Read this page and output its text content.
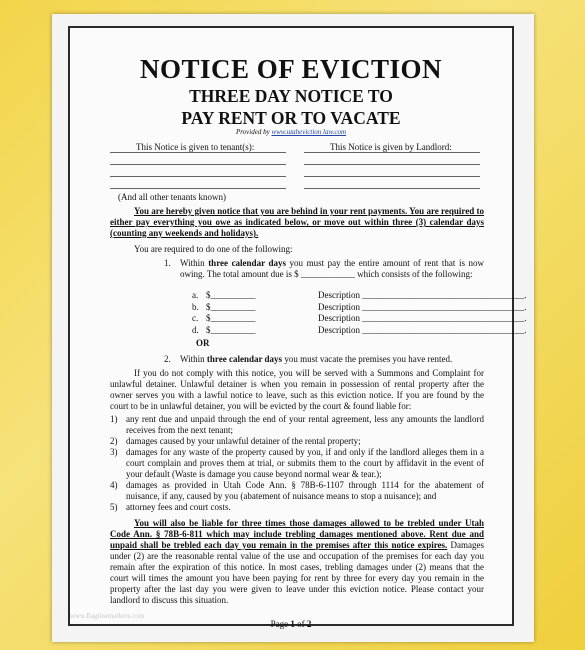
NOTICE OF EVICTION
THREE DAY NOTICE TO
PAY RENT OR TO VACATE
Provided by www.utaheviction law.com
This Notice is given to tenant(s):	This Notice is given by Landlord:
(And all other tenants known)
You are hereby given notice that you are behind in your rent payments. You are required to either pay everything you owe as indicated below, or move out within three (3) calendar days (counting any weekends and holidays).
You are required to do one of the following:
1. Within three calendar days you must pay the entire amount of rent that is now owing. The total amount due is $ ____________ which consists of the following:
a. $__________	Description ____________________________________.
b. $__________	Description ____________________________________.
c. $__________	Description ____________________________________.
d. $__________	Description ____________________________________.
OR
2. Within three calendar days you must vacate the premises you have rented.
If you do not comply with this notice, you will be served with a Summons and Complaint for unlawful detainer. Unlawful detainer is when you remain in possession of rental property after the owner serves you with a lawful notice to leave, such as this eviction notice. If you are found by the court to be in unlawful detainer, you will be evicted by the court & found liable for:
1) any rent due and unpaid through the end of your rental agreement, less any amounts the landlord receives from the next tenant;
2) damages caused by your unlawful detainer of the rental property;
3) damages for any waste of the property caused by you, if and only if the landlord alleges them in a court complain and proves them at trial, or submits them to the court by affidavit in the event of your default (Waste is damage you cause beyond normal wear & tear.);
4) damages as provided in Utah Code Ann. § 78B-6-1107 through 1114 for the abatement of nuisance, if any, caused by you (abatement of nuisance means to stop a nuisance); and
5) attorney fees and court costs.
You will also be liable for three times those damages allowed to be trebled under Utah Code Ann. § 78B-6-811 which may include trebling damages mentioned above. Rent due and unpaid shall be trebled each day you remain in the premises after this notice expires. Damages under (2) are the reasonable rental value of the use and occupation of the premises for each day you remain after the expiration of this notice. In most cases, trebling damages under (2) means that the court will times the amount you have been paying for rent by three for every day you remain in the property after the last day you were given to leave under this eviction notice. Please contact your landlord to discuss this situation.
Page 1 of 2
www.flaglinemarkers.com
